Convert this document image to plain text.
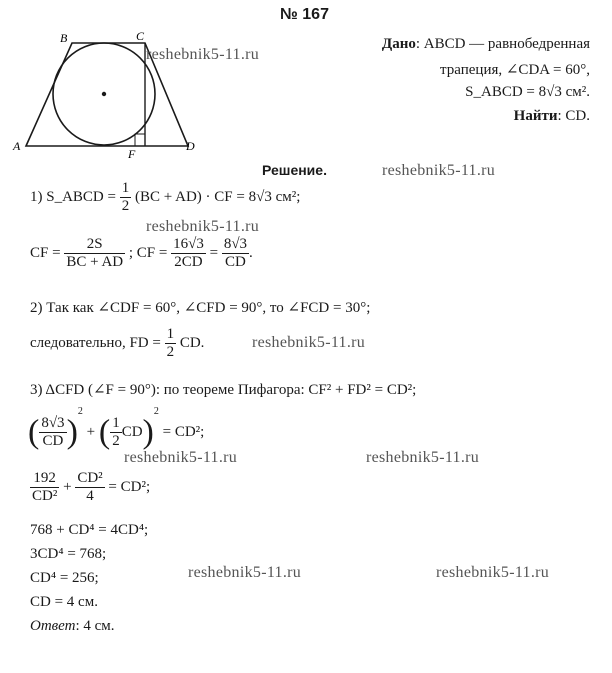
№ 167
A
B	C
D
F
Дано: ABCD — равнобедренная
трапеция, ∠CDA = 60°,
S_ABCD = 8√3 см².
Найти: CD.
Решение.
1) S_ABCD = $\frac{1}{2} (BC + AD)$ · CF = 8√3 см²;
CF = $\frac{2S}{BC + AD}$ ; CF = $\frac{16√3}{2CD} = \frac{8√3}{CD}$ .
2) Так как ∠CDF = 60°, ∠CFD = 90°, то ∠FCD = 30°;
следовательно, FD = $\frac{1}{2}$ CD.
3) ΔCFD (∠F = 90°): по теореме Пифагора: CF² + FD² = CD²;
( $\frac{8√3}{CD} )^2$ + ( $\frac{1}{2} CD)^2 = CD^2$;
$\frac{192}{\text{CD²}} + \frac{\text{CD²}}{4} = CD^2$;
768 + CD⁴ = 4CD⁴;
3CD⁴ = 768;
CD⁴ = 256;
CD = 4 см.
Ответ: 4 см.
reshebnik5-11.ru
reshebnik5-11.ru
reshebnik5-11.ru
reshebnik5-11.ru
reshebnik5-11.ru	reshebnik5-11.ru
reshebnik5-11.ru	reshebnik5-11.ru
